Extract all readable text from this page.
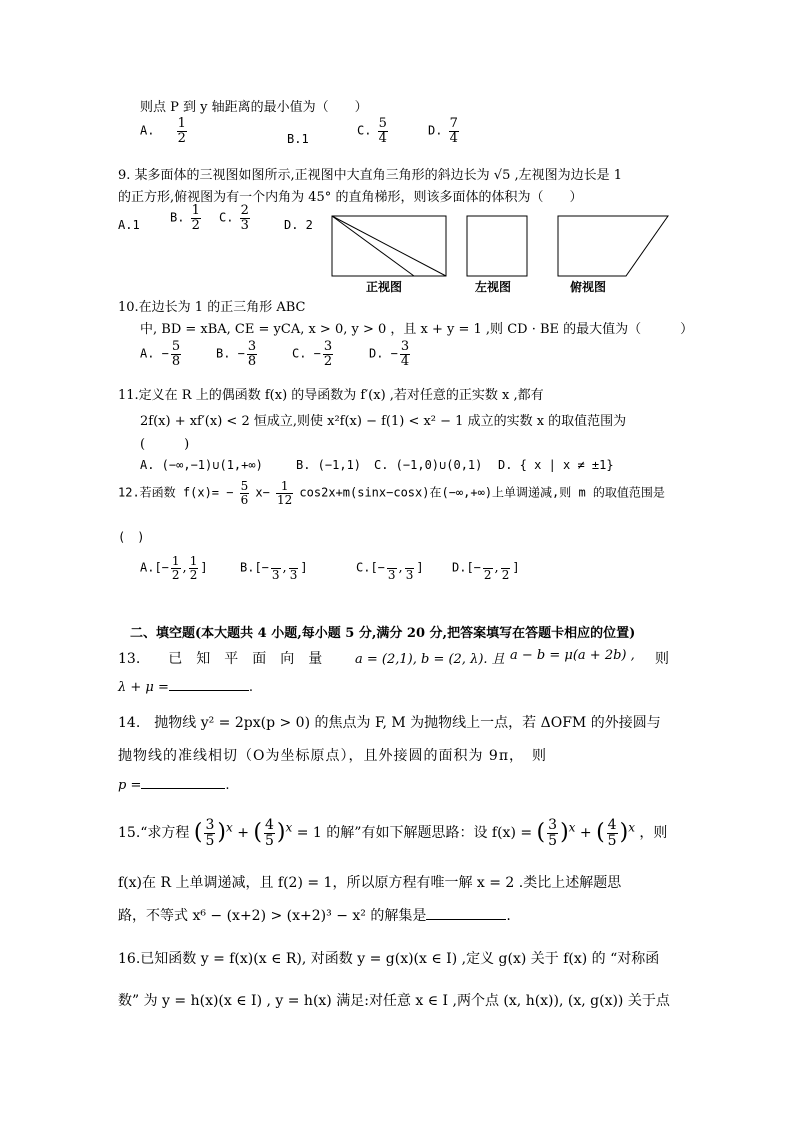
则点 P 到 y 轴距离的最小值为（　　）
A. $\frac{1}{2}$	B.1
C. $\frac{5}{4}$	D. $\frac{7}{4}$
9. 某多面体的三视图如图所示,正视图中大直角三角形的斜边长为 √5 ,左视图为边长是 1
的正方形,俯视图为有一个内角为 45° 的直角梯形，则该多面体的体积为（　　）
A.1
B. $\frac{1}{2} C$. $\frac{2}{3}$	D. 2
正视图	左视图	俯视图
10.在边长为 1 的正三角形 ABC
中, BD = xBA, CE = yCA, x > 0, y > 0 ，且 x + y = 1 ,则 CD · BE 的最大值为（　　　）
A. − $\frac{5}{8}$	B. − $\frac{3}{8}$	C. − $\frac{3}{2}$	D. − $\frac{3}{4}$
11.定义在 R 上的偶函数 f(x) 的导函数为 f′(x) ,若对任意的正实数 x ,都有
2f(x) + xf′(x) < 2 恒成立,则使 x²f(x) − f(1) < x² − 1 成立的实数 x 的取值范围为
(　　　)
A. (−∞,−1)∪(1,+∞)	B. (−1,1) C. (−1,0)∪(0,1) D. { x | x ≠ ±1}
12.若函数 $f(x)= - \frac{5}{6} x- \frac{1}{12} \cos 2x+m(\sin x-\cos x)$在(−∞,+∞)上单调递减,则 m 的取值范围是
(　)
$A.[- \frac{1}{2}$ , $\frac{1}{2}$ ]	B.[− 3 , 3 ]	C.[− 3 , 3 ] D.[− 2 , 2 ]
二、填空题(本大题共 4 小题,每小题 5 分,满分 20 分,把答案填写在答题卡相应的位置)
13.　　已　知　平　面　向　量	a = (2,1), b = (2, λ). 且 a − b = μ(a + 2b) , 则
λ + μ =	.
14.　抛物线 y² = 2px(p > 0) 的焦点为 F, M 为抛物线上一点，若 ΔOFM 的外接圆与
抛物线的准线相切（O为坐标原点），且外接圆的面积为 9π，　则
p =	.
15.“求方程 ( $\frac{3}{5} )^x$ + ( $\frac{4}{5} )^x = 1$ 的解”有如下解题思路：设 f(x) = ( $\frac{3}{5} )^x$ + ( $\frac{4}{5} )^x$ ，则
f(x)在 R 上单调递减，且 f(2) = 1，所以原方程有唯一解 x = 2 .类比上述解题思
路，不等式 x⁶ − (x+2) > (x+2)³ − x² 的解集是	.
16.已知函数 y = f(x)(x ∈ R), 对函数 y = g(x)(x ∈ I) ,定义 g(x) 关于 f(x) 的 “对称函
数” 为 y = h(x)(x ∈ I) , y = h(x) 满足:对任意 x ∈ I ,两个点 (x, h(x)), (x, g(x)) 关于点
